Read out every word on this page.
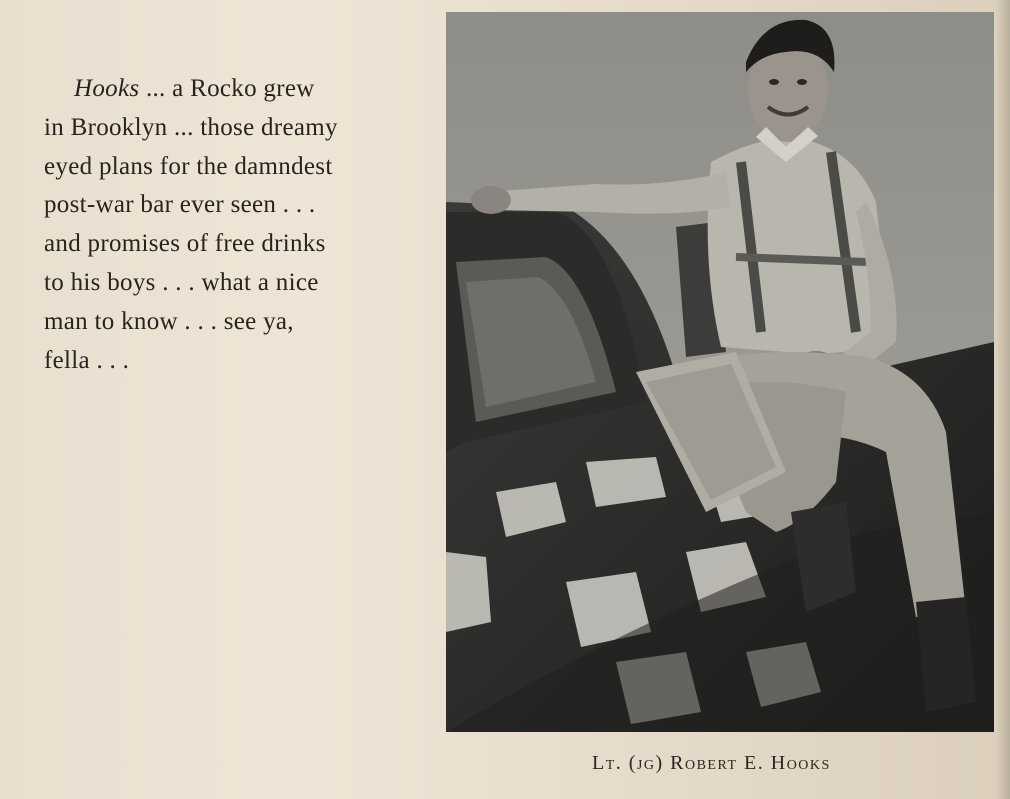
Hooks ... a Rocko grew
in Brooklyn ... those dreamy
eyed plans for the damndest
post-war bar ever seen . . .
and promises of free drinks
to his boys . . . what a nice
man to know . . . see ya,
fella . . .
Lt. (jg) Robert E. Hooks
